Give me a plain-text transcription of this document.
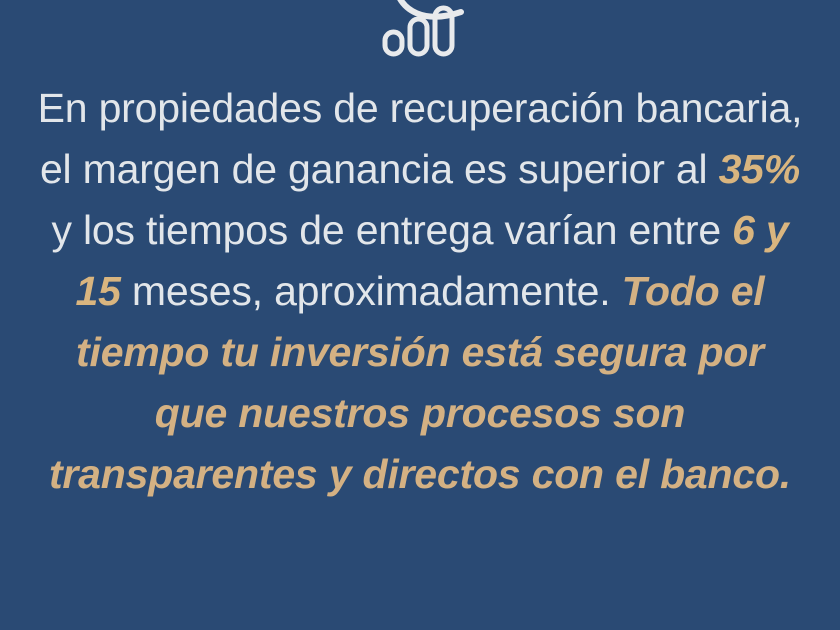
En propiedades de recuperación bancaria, el margen de ganancia es superior al 35% y los tiempos de entrega varían entre 6 y 15 meses, aproximadamente. Todo el tiempo tu inversión está segura por que nuestros procesos son transparentes y directos con el banco.
